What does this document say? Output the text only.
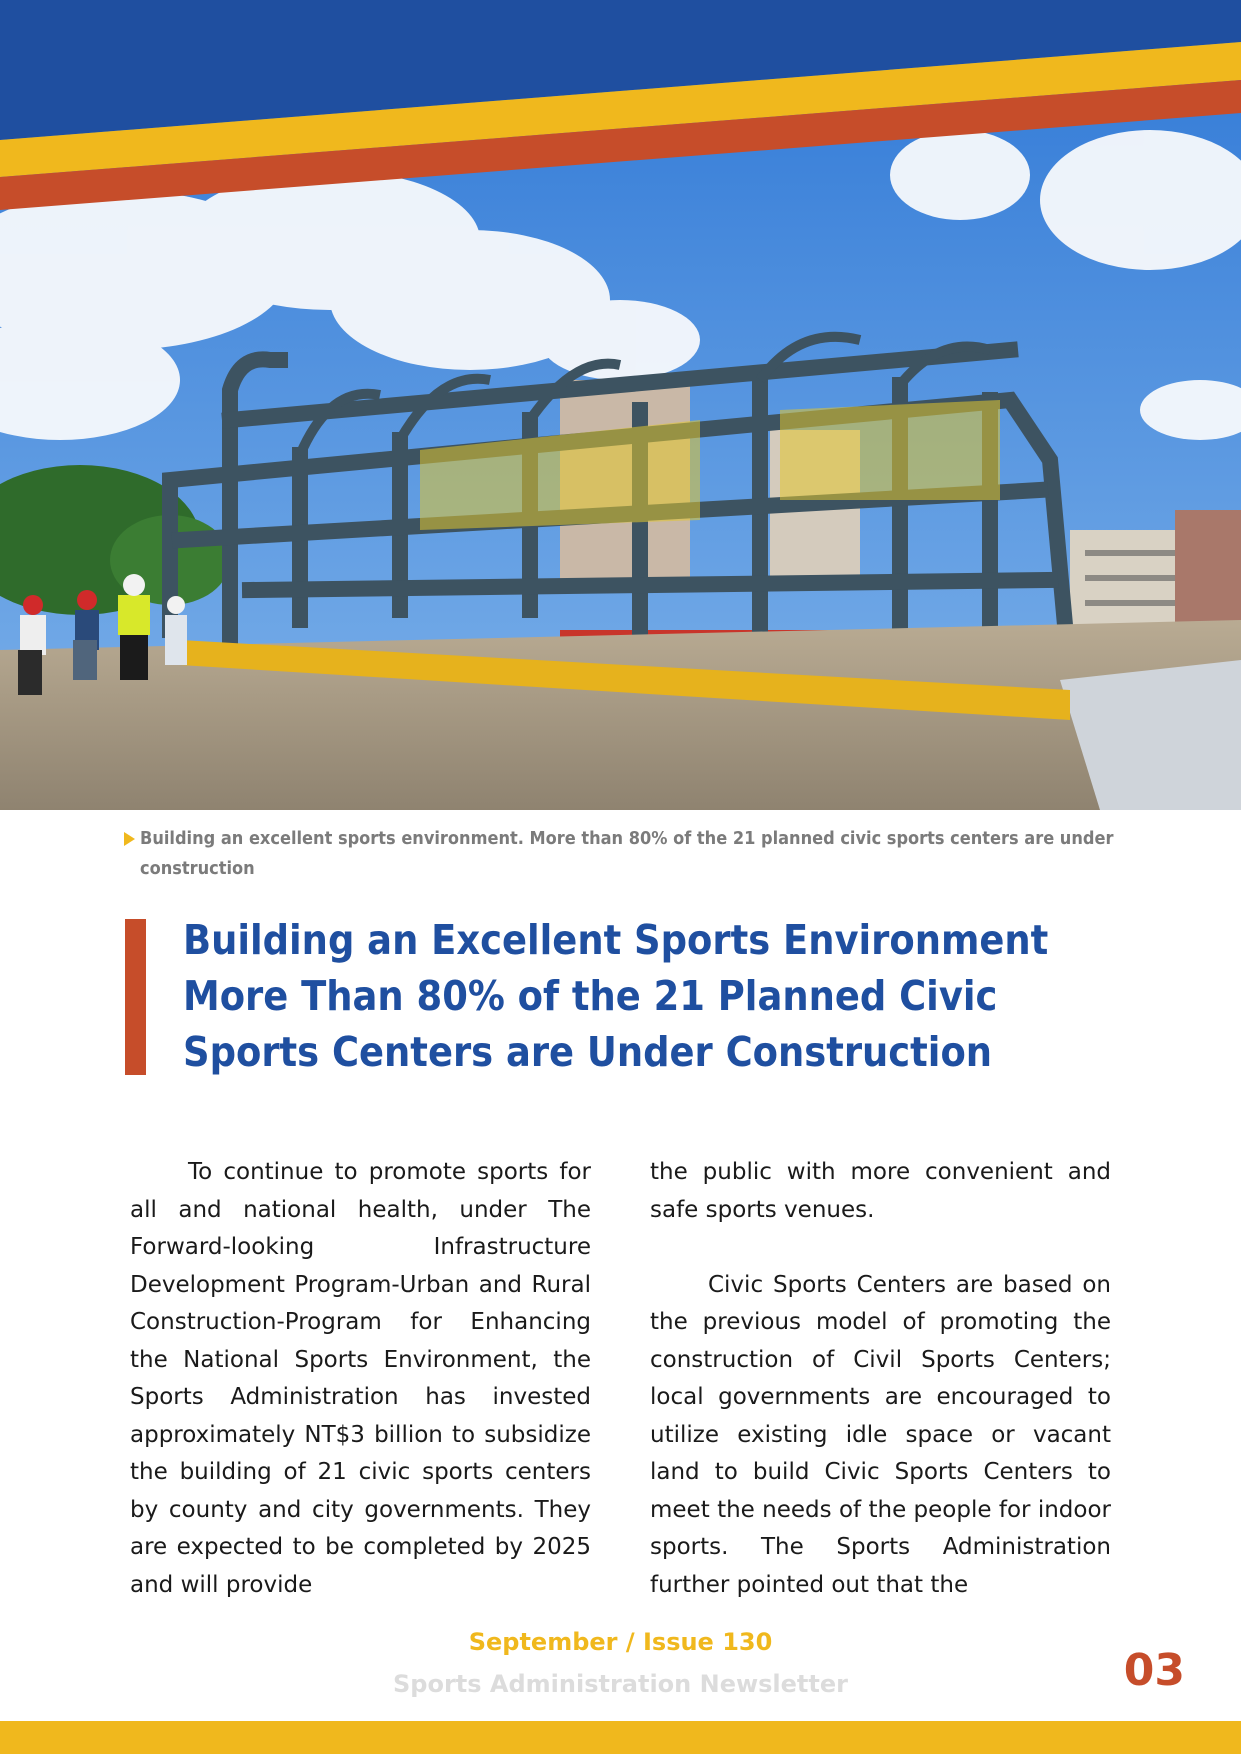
Building an excellent sports environment. More than 80% of the 21 planned civic sports centers are under construction
Building an Excellent Sports Environment More Than 80% of the 21 Planned Civic Sports Centers are Under Construction

To continue to promote sports for all and national health, under The Forward-looking Infrastructure Development Program-Urban and Rural Construction-Program for Enhancing the National Sports Environment, the Sports Administration has invested approximately NT$3 billion to subsidize the building of 21 civic sports centers by county and city governments. They are expected to be completed by 2025 and will provide

the public with more convenient and safe sports venues.

Civic Sports Centers are based on the previous model of promoting the construction of Civil Sports Centers; local governments are encouraged to utilize existing idle space or vacant land to build Civic Sports Centers to meet the needs of the people for indoor sports. The Sports Administration further pointed out that the

September / Issue 130
Sports Administration Newsletter	03
